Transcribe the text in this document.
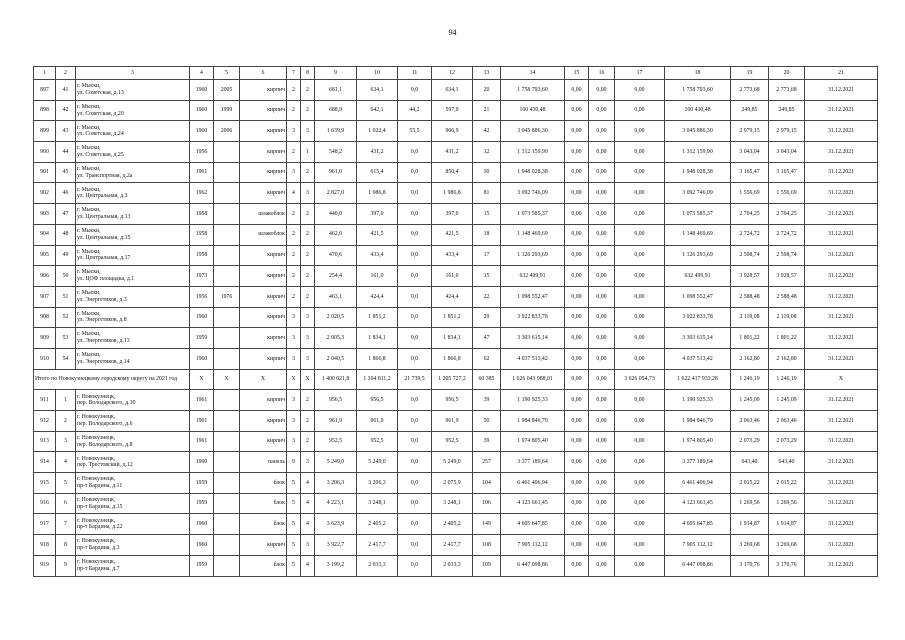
94
1	2	3	4	5	6	7	8	9	10	11	12	13	14	15	16	17	18	19	20	21
897	41	г. Мыски,
ул. Советская, д.13	1960	2005	кирпич	2	2	681,1	634,1	0,0	634,1	20	1 758 793,60	0,00	0,00	0,00	1 758 793,60	2 773,68	2 773,68	31.12.2021
898	42	г. Мыски,
ул. Советская, д.20	1960	1999	кирпич	2	2	688,9	642,1	44,2	597,9	21	160 430,48	0,00	0,00	0,00	160 430,48	249,85	249,85	31.12.2021
899	43	г. Мыски,
ул. Советская, д.24	1960	2006	кирпич	3	3	1 639,9	1 022,4	55,5	966,9	42	3 045 886,30	0,00	0,00	0,00	3 045 886,30	2 979,15	2 979,15	31.12.2021
900	44	г. Мыски,
ул. Советская, д.25	1956		кирпич	2	1	548,2	431,2	0,0	431,2	12	1 312 159,90	0,00	0,00	0,00	1 312 159,90	3 043,04	3 043,04	31.12.2021
901	45	г. Мыски,
ул. Транспортная, д.2а	1961		кирпич	3	2	961,0	615,4	0,0	850,4	30	1 948 028,38	0,00	0,00	0,00	1 948 028,38	3 165,47	3 165,47	31.12.2021
902	46	г. Мыски,
ул. Центральная, д.3	1962		кирпич	4	3	2 827,0	1 986,8	0,0	1 986,8	81	3 092 746,09	0,00	0,00	0,00	3 092 746,09	1 556,69	1 556,69	31.12.2021
903	47	г. Мыски,
ул. Центральная, д.13	1958		шлакоблок	2	2	440,0	397,0	0,0	397,0	15	1 073 585,37	0,00	0,00	0,00	1 073 585,37	2 704,25	2 704,25	31.12.2021
904	48	г. Мыски,
ул. Центральная, д.15	1958		шлакоблок	2	2	462,0	421,5	0,0	421,5	18	1 148 469,69	0,00	0,00	0,00	1 148 469,69	2 724,72	2 724,72	31.12.2021
905	49	г. Мыски,
ул. Центральная, д.17	1958		кирпич	2	2	470,6	433,4	0,0	433,4	17	1 126 293,69	0,00	0,00	0,00	1 126 293,69	2 598,74	2 598,74	31.12.2021
906	50	г. Мыски,
ул. ЦОФ площадка, д.1	1973		кирпич	2	2	254,4	161,0	0,0	161,0	15	632 499,91	0,00	0,00	0,00	632 499,91	3 928,57	3 928,57	31.12.2021
907	51	г. Мыски,
ул. Энергетиков, д.3	1956	1976	кирпич	2	2	463,1	424,4	0,0	424,4	22	1 098 552,47	0,00	0,00	0,00	1 098 552,47	2 588,48	2 588,48	31.12.2021
908	52	г. Мыски,
ул. Энергетиков, д.8	1960		кирпич	3	3	2 020,5	1 851,2	0,0	1 851,2	29	3 922 833,78	0,00	0,00	0,00	3 922 833,78	2 119,08	2 119,08	31.12.2021
909	53	г. Мыски,
ул. Энергетиков, д.13	1959		кирпич	3	3	2 005,3	1 834,1	0,0	1 834,1	47	3 303 615,14	0,00	0,00	0,00	3 303 615,14	1 801,22	1 801,22	31.12.2021
910	54	г. Мыски,
ул. Энергетиков, д.14	1960		кирпич	3	3	2 040,5	1 866,8	0,0	1 866,8	62	4 037 513,42	0,00	0,00	0,00	4 037 513,42	2 162,80	2 162,80	31.12.2021
Итого по Новокузнецкому городскому округу на 2021 год			X	X	X	X	X	1 400 021,8	1 304 811,2	21 739,5	1 205 727,2	60 385	1 626 043 988,01	0,00	0,00	3 626 054,73	1 622 417 933,28	1 246,19	1 246,19	X
911	1	г. Новокузнецк,
пер. Володарского, д.10	1961		кирпич	3	2	956,5	956,5	0,0	956,5	39	1 190 925,33	0,00	0,00	0,00	1 190 925,33	1 245,09	1 245,09	31.12.2021
912	2	г. Новокузнецк,
пер. Володарского, д.6	1961		кирпич	3	2	961,9	961,9	0,0	961,9	50	1 984 846,79	0,00	0,00	0,00	1 984 846,79	2 063,46	2 063,46	31.12.2021
913	3	г. Новокузнецк,
пер. Володарского, д.8	1961		кирпич	3	2	952,5	952,5	0,0	952,5	39	1 974 805,40	0,00	0,00	0,00	1 974 805,40	2 073,29	2 073,29	31.12.2021
914	4	г. Новокузнецк,
пер. Трестовский, д.12	1990		панель	9	3	5 249,0	5 249,0	0,0	5 249,0	257	3 377 189,64	0,00	0,00	0,00	3 377 189,64	643,40	643,40	31.12.2021
915	5	г. Новокузнецк,
пр-т Бардина, д.11	1959		блок	5	4	3 206,3	3 206,3	0,0	2 075,9	104	6 461 406,94	0,00	0,00	0,00	6 461 406,94	2 015,22	2 015,22	31.12.2021
916	6	г. Новокузнецк,
пр-т Бардина, д.15	1959		блок	5	4	4 223,1	3 248,1	0,0	3 248,1	106	4 123 661,45	0,00	0,00	0,00	4 123 661,45	1 269,56	1 269,56	31.12.2021
917	7	г. Новокузнецк,
пр-т Бардина, д.22	1960		блок	5	4	3 623,9	2 405,2	0,0	2 405,2	149	4 605 647,85	0,00	0,00	0,00	4 605 647,85	1 914,87	1 914,87	31.12.2021
918	8	г. Новокузнецк,
пр-т Бардина, д.3	1960		кирпич	5	3	3 922,7	2 417,7	0,0	2 417,7	108	7 905 112,12	0,00	0,00	0,00	7 905 112,12	3 269,68	3 269,68	31.12.2021
919	9	г. Новокузнецк,
пр-т Бардина, д.7	1959		блок	5	4	3 199,2	2 033,3	0,0	2 033,3	109	6 447 098,86	0,00	0,00	0,00	6 447 098,86	3 170,76	3 170,76	31.12.2021
